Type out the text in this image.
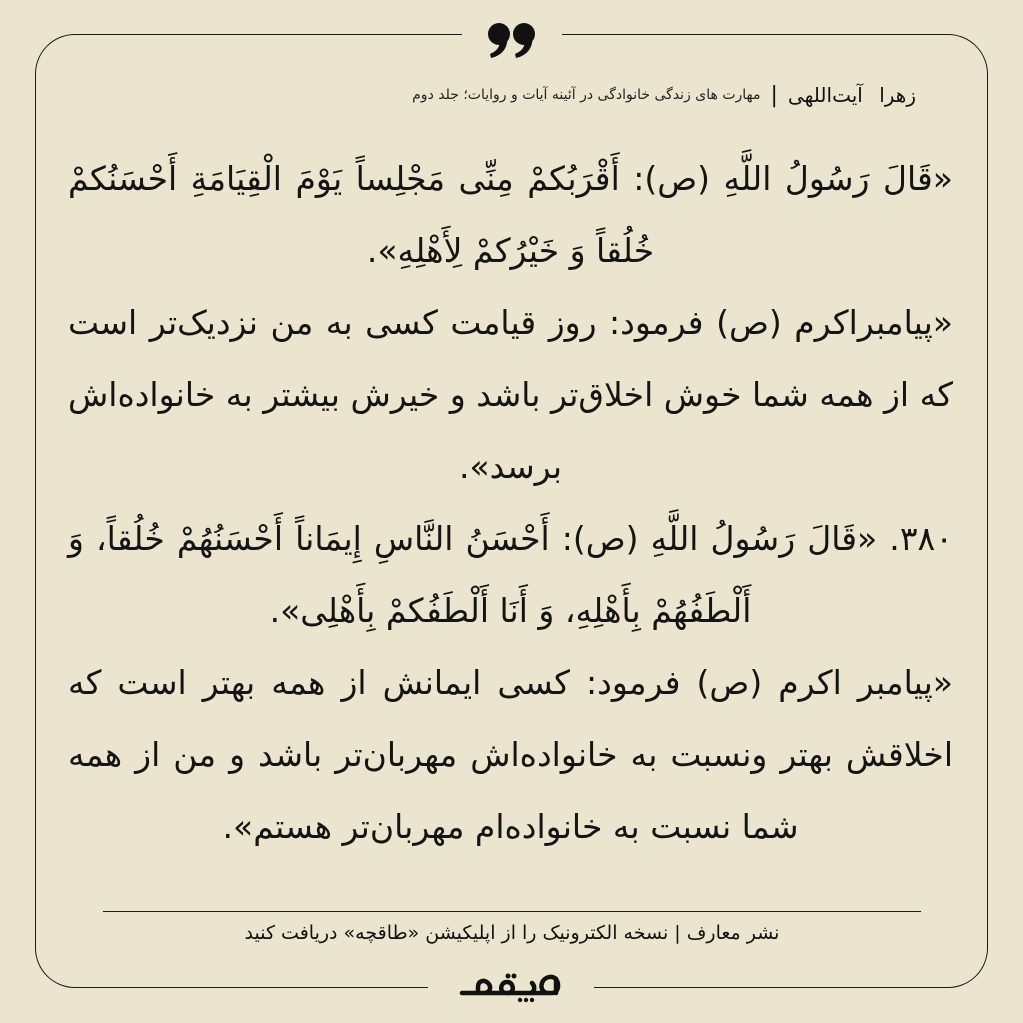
مهارت های زندگی خانوادگی در آئینه آیات و روایات؛ جلد دوم | زهرا آیت‌اللهی

«قَالَ رَسُولُ اللَّهِ (ص): أَقْرَبُكمْ مِنِّی مَجْلِساً یَوْمَ الْقِیَامَةِ أَحْسَنُكمْ خُلُقاً وَ خَیْرُكمْ لِأَهْلِهِ».

«پیامبراکرم (ص) فرمود: روز قیامت کسی به من نزدیک‌تر است که از همه شما خوش اخلاق‌تر باشد و خیرش بیشتر به خانواده‌اش برسد».

۳۸۰. «قَالَ رَسُولُ اللَّهِ (ص): أَحْسَنُ النَّاسِ إِیمَاناً أَحْسَنُهُمْ خُلُقاً، وَ أَلْطَفُهُمْ بِأَهْلِهِ، وَ أَنَا أَلْطَفُكمْ بِأَهْلِی».

«پیامبر اکرم (ص) فرمود: کسی ایمانش از همه بهتر است که اخلاقش بهتر ونسبت به خانواده‌اش مهربان‌تر باشد و من از همه شما نسبت به خانواده‌ام مهربان‌تر هستم».

نشر معارف | نسخه الکترونیک را از اپلیکیشن «طاقچه» دریافت کنید
